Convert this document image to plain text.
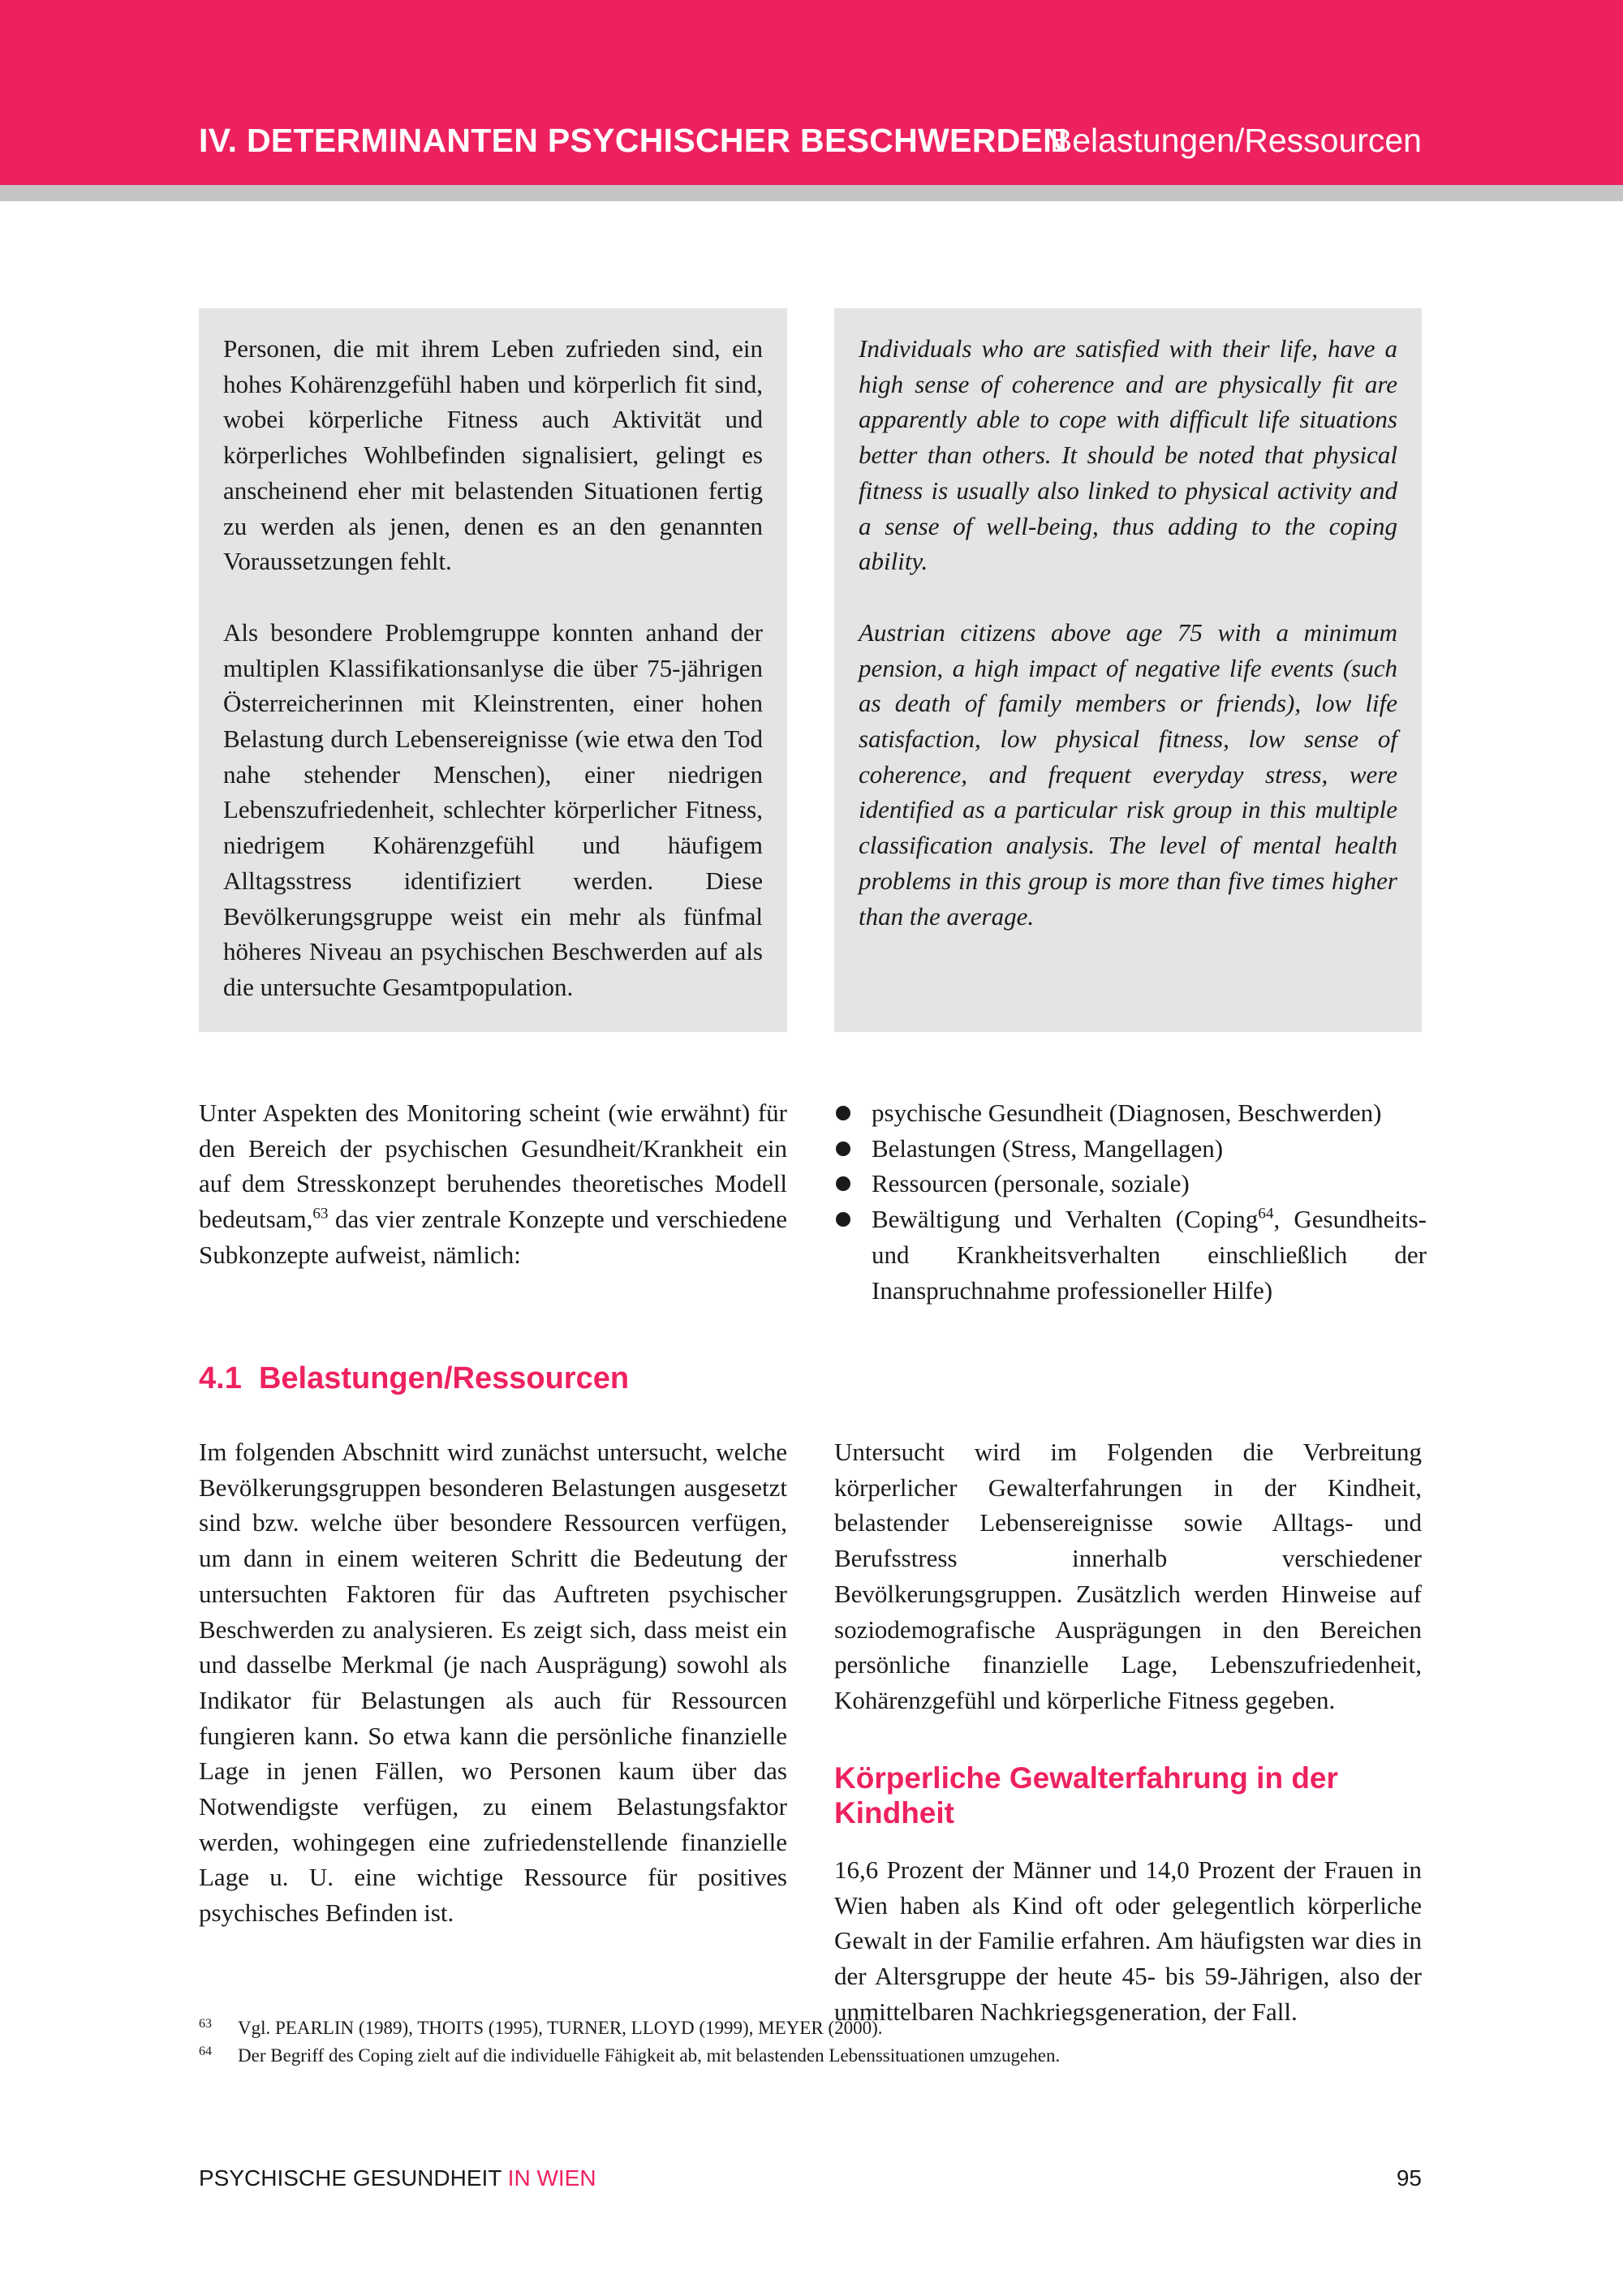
IV. DETERMINANTEN PSYCHISCHER BESCHWERDEN
Belastungen/Ressourcen

Personen, die mit ihrem Leben zufrieden sind, ein hohes Kohärenzgefühl haben und körperlich fit sind, wobei körperliche Fitness auch Aktivität und körperliches Wohlbefinden signalisiert, gelingt es anscheinend eher mit belastenden Situationen fertig zu werden als jenen, denen es an den genannten Voraussetzungen fehlt.

Als besondere Problemgruppe konnten anhand der multiplen Klassifikationsanlyse die über 75-jährigen Österreicherinnen mit Kleinstrenten, einer hohen Belastung durch Lebensereignisse (wie etwa den Tod nahe stehender Menschen), einer niedrigen Lebenszufriedenheit, schlechter körperlicher Fitness, niedrigem Kohärenzgefühl und häufigem Alltagsstress identifiziert werden. Diese Bevölkerungsgruppe weist ein mehr als fünfmal höheres Niveau an psychischen Beschwerden auf als die untersuchte Gesamtpopulation.

Individuals who are satisfied with their life, have a high sense of coherence and are physically fit are apparently able to cope with difficult life situations better than others. It should be noted that physical fitness is usually also linked to physical activity and a sense of well-being, thus adding to the coping ability.

Austrian citizens above age 75 with a minimum pension, a high impact of negative life events (such as death of family members or friends), low life satisfaction, low physical fitness, low sense of coherence, and frequent everyday stress, were identified as a particular risk group in this multiple classification analysis. The level of mental health problems in this group is more than five times higher than the average.

Unter Aspekten des Monitoring scheint (wie erwähnt) für den Bereich der psychischen Gesundheit/Krankheit ein auf dem Stresskonzept beruhendes theoretisches Modell bedeutsam,$^{63}$ das vier zentrale Konzepte und verschiedene Subkonzepte aufweist, nämlich:

psychische Gesundheit (Diagnosen, Beschwerden)
Belastungen (Stress, Mangellagen)
Ressourcen (personale, soziale)
Bewältigung und Verhalten (Coping$^{64}$, Gesundheits- und Krankheitsverhalten einschließlich der Inanspruchnahme professioneller Hilfe)
4.1  Belastungen/Ressourcen

Im folgenden Abschnitt wird zunächst untersucht, welche Bevölkerungsgruppen besonderen Belastungen ausgesetzt sind bzw. welche über besondere Ressourcen verfügen, um dann in einem weiteren Schritt die Bedeutung der untersuchten Faktoren für das Auftreten psychischer Beschwerden zu analysieren. Es zeigt sich, dass meist ein und dasselbe Merkmal (je nach Ausprägung) sowohl als Indikator für Belastungen als auch für Ressourcen fungieren kann. So etwa kann die persönliche finanzielle Lage in jenen Fällen, wo Personen kaum über das Notwendigste verfügen, zu einem Belastungsfaktor werden, wohingegen eine zufriedenstellende finanzielle Lage u. U. eine wichtige Ressource für positives psychisches Befinden ist.

Untersucht wird im Folgenden die Verbreitung körperlicher Gewalterfahrungen in der Kindheit, belastender Lebensereignisse sowie Alltags- und Berufsstress innerhalb verschiedener Bevölkerungsgruppen. Zusätzlich werden Hinweise auf soziodemografische Ausprägungen in den Bereichen persönliche finanzielle Lage, Lebenszufriedenheit, Kohärenzgefühl und körperliche Fitness gegeben.

Körperliche Gewalterfahrung in der Kindheit

16,6 Prozent der Männer und 14,0 Prozent der Frauen in Wien haben als Kind oft oder gelegentlich körperliche Gewalt in der Familie erfahren. Am häufigsten war dies in der Altersgruppe der heute 45- bis 59-Jährigen, also der unmittelbaren Nachkriegsgeneration, der Fall.

63 Vgl. PEARLIN (1989), THOITS (1995), TURNER, LLOYD (1999), MEYER (2000).
64 Der Begriff des Coping zielt auf die individuelle Fähigkeit ab, mit belastenden Lebenssituationen umzugehen.
PSYCHISCHE GESUNDHEIT IN WIEN	95
